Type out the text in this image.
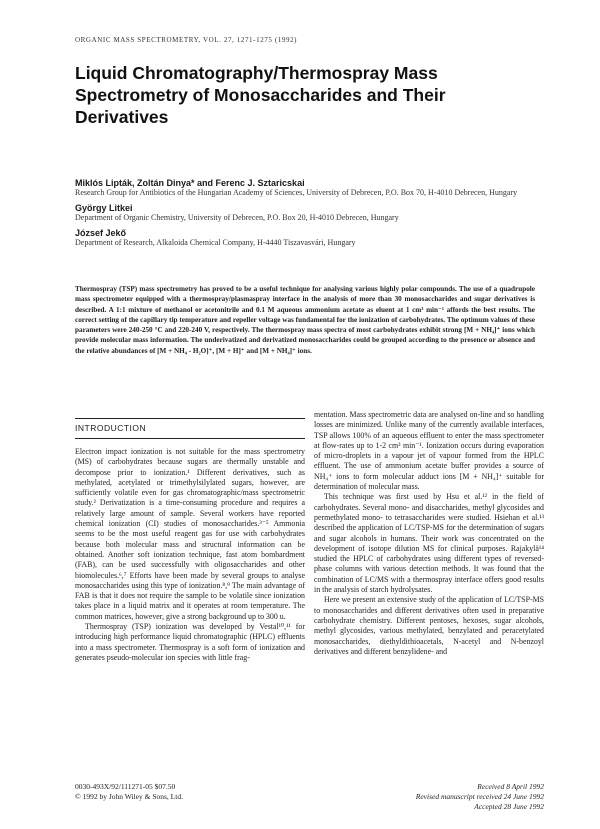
ORGANIC MASS SPECTROMETRY, VOL. 27, 1271-1275 (1992)
Liquid Chromatography/Thermospray Mass Spectrometry of Monosaccharides and Their Derivatives
Miklós Lipták, Zoltán Dinya* and Ferenc J. Sztaricskai
Research Group for Antibiotics of the Hungarian Academy of Sciences, University of Debrecen, P.O. Box 70, H-4010 Debrecen, Hungary
György Litkei
Department of Organic Chemistry, University of Debrecen, P.O. Box 20, H-4010 Debrecen, Hungary
József Jekő
Department of Research, Alkaloida Chemical Company, H-4440 Tiszavasvári, Hungary
Thermospray (TSP) mass spectrometry has proved to be a useful technique for analysing various highly polar compounds. The use of a quadrupole mass spectrometer equipped with a thermospray/plasmaspray interface in the analysis of more than 30 monosaccharides and sugar derivatives is described. A 1:1 mixture of methanol or acetonitrile and 0.1 M aqueous ammonium acetate as eluent at 1 cm³ min⁻¹ affords the best results. The correct setting of the capillary tip temperature and repeller voltage was fundamental for the ionization of carbohydrates. The optimum values of these parameters were 240-250 °C and 220-240 V, respectively. The thermospray mass spectra of most carbohydrates exhibit strong [M + NH₄]⁺ ions which provide molecular mass information. The underivatized and derivatized monosaccharides could be grouped according to the presence or absence and the relative abundances of [M + NH₄ - H₂O]⁺, [M + H]⁺ and [M + NH₄]⁺ ions.
INTRODUCTION

Electron impact ionization is not suitable for the mass spectrometry (MS) of carbohydrates because sugars are thermally unstable and decompose prior to ionization.¹ Different derivatives, such as methylated, acetylated or trimethylsilylated sugars, however, are sufficiently volatile even for gas chromatographic/mass spectrometric study.² Derivatization is a time-consuming procedure and requires a relatively large amount of sample. Several workers have reported chemical ionization (CI) studies of monosaccharides.³⁻⁵ Ammonia seems to be the most useful reagent gas for use with carbohydrates because both molecular mass and structural information can be obtained. Another soft ionization technique, fast atom bombardment (FAB), can be used successfully with oligosaccharides and other biomolecules.⁶,⁷ Efforts have been made by several groups to analyse monosaccharides using this type of ionization.⁸,⁹ The main advantage of FAB is that it does not require the sample to be volatile since ionization takes place in a liquid matrix and it operates at room temperature. The common matrices, however, give a strong background up to 300 u.

Thermospray (TSP) ionization was developed by Vestal¹⁰,¹¹ for introducing high performance liquid chromatographic (HPLC) effluents into a mass spectrometer. Thermospray is a soft form of ionization and generates pseudo-molecular ion species with little frag-

mentation. Mass spectrometric data are analysed on-line and so handling losses are minimized. Unlike many of the currently available interfaces, TSP allows 100% of an aqueous effluent to enter the mass spectrometer at flow-rates up to 1-2 cm³ min⁻¹. Ionization occurs during evaporation of micro-droplets in a vapour jet of vapour formed from the HPLC effluent. The use of ammonium acetate buffer provides a source of NH₄⁺ ions to form molecular adduct ions [M + NH₄]⁺ suitable for determination of molecular mass.

This technique was first used by Hsu et al.¹² in the field of carbohydrates. Several mono- and disaccharides, methyl glycosides and permethylated mono- to tetrasaccharides were studied. Hsiehan et al.¹³ described the application of LC/TSP-MS for the determination of sugars and sugar alcohols in humans. Their work was concentrated on the development of isotope dilution MS for clinical purposes. Rajakylä¹⁴ studied the HPLC of carbohydrates using different types of reversed-phase columns with various detection methods. It was found that the combination of LC/MS with a thermospray interface offers good results in the analysis of starch hydrolysates.

Here we present an extensive study of the application of LC/TSP-MS to monosaccharides and different derivatives often used in preparative carbohydrate chemistry. Different pentoses, hexoses, sugar alcohols, methyl glycosides, various methylated, benzylated and peracetylated monosaccharides, diethyldithioacetals, N-acetyl and N-benzoyl derivatives and different benzylidene- and

0030-493X/92/111271-05 $07.50
© 1992 by John Wiley & Sons, Ltd.
Received 8 April 1992
Revised manuscript received 24 June 1992
Accepted 28 June 1992
